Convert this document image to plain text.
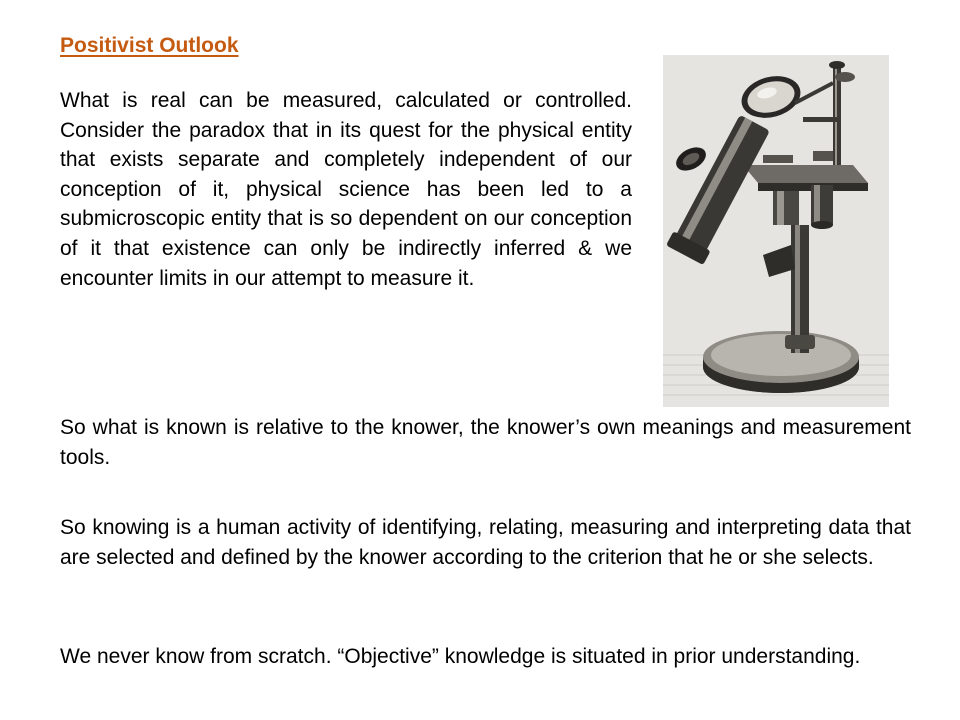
Positivist Outlook

What is real can be measured, calculated or controlled. Consider the paradox that in its quest for the physical entity that exists separate and completely independent of our conception of it, physical science has been led to a submicroscopic entity that is so dependent on our conception of it that existence can only be indirectly inferred & we encounter limits in our attempt to measure it.

So what is known is relative to the knower, the knower’s own meanings and measurement tools.

So knowing is a human activity of identifying, relating, measuring and interpreting data that are selected and defined by the knower according to the criterion that he or she selects.

We never know from scratch. “Objective” knowledge is situated in prior understanding.
